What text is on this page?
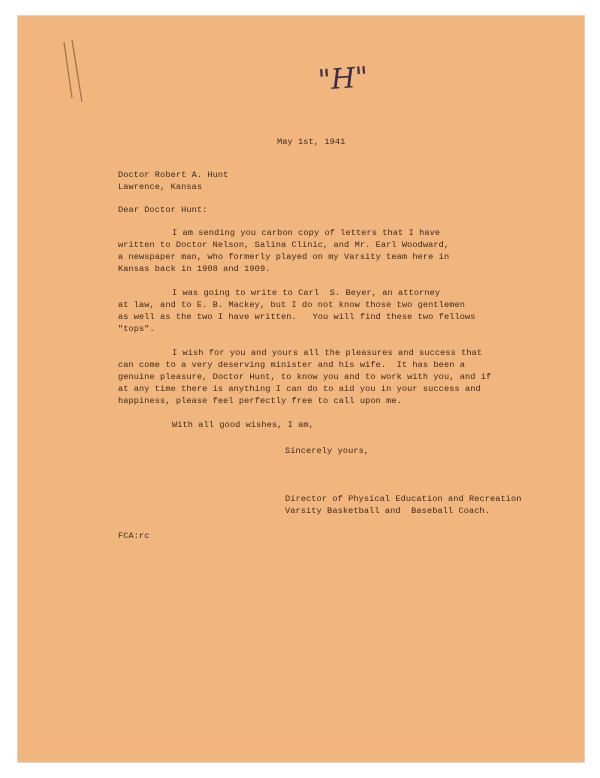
"H"
May 1st, 1941
Doctor Robert A. Hunt
Lawrence, Kansas
Dear Doctor Hunt:
I am sending you carbon copy of letters that I have
written to Doctor Nelson, Salina Clinic, and Mr. Earl Woodward,
a newspaper man, who formerly played on my Varsity team here in
Kansas back in 1908 and 1909.
I was going to write to Carl  S. Beyer, an attorney
at law, and to E. B. Mackey, but I do not know those two gentlemen
as well as the two I have written.   You will find these two fellows
"tops".
I wish for you and yours all the pleasures and success that
can come to a very deserving minister and his wife.  It has been a
genuine pleasure, Doctor Hunt, to know you and to work with you, and if
at any time there is anything I can do to aid you in your success and
happiness, please feel perfectly free to call upon me.
With all good wishes, I am,
Sincerely yours,
Director of Physical Education and Recreation
Varsity Basketball and  Baseball Coach.
FCA:rc
